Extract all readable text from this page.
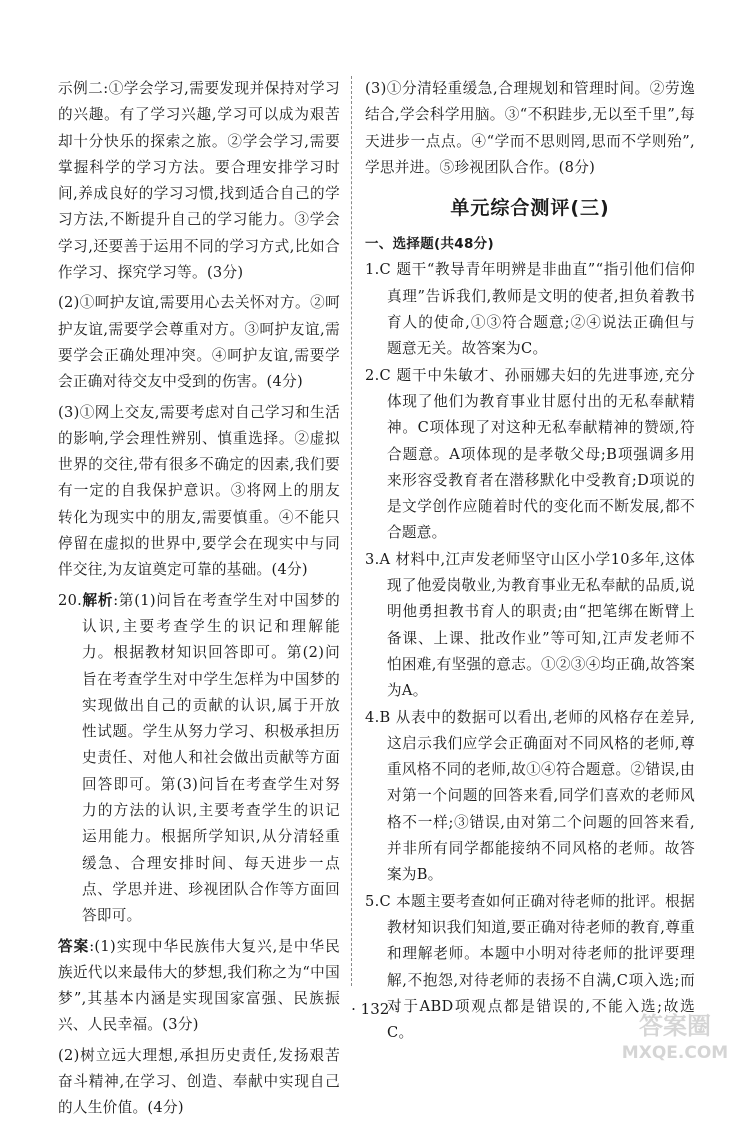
示例二:①学会学习,需要发现并保持对学习的兴趣。有了学习兴趣,学习可以成为艰苦却十分快乐的探索之旅。②学会学习,需要掌握科学的学习方法。要合理安排学习时间,养成良好的学习习惯,找到适合自己的学习方法,不断提升自己的学习能力。③学会学习,还要善于运用不同的学习方式,比如合作学习、探究学习等。(3分)

(2)①呵护友谊,需要用心去关怀对方。②呵护友谊,需要学会尊重对方。③呵护友谊,需要学会正确处理冲突。④呵护友谊,需要学会正确对待交友中受到的伤害。(4分)

(3)①网上交友,需要考虑对自己学习和生活的影响,学会理性辨别、慎重选择。②虚拟世界的交往,带有很多不确定的因素,我们要有一定的自我保护意识。③将网上的朋友转化为现实中的朋友,需要慎重。④不能只停留在虚拟的世界中,要学会在现实中与同伴交往,为友谊奠定可靠的基础。(4分)

20.解析:第(1)问旨在考查学生对中国梦的认识,主要考查学生的识记和理解能力。根据教材知识回答即可。第(2)问旨在考查学生对中学生怎样为中国梦的实现做出自己的贡献的认识,属于开放性试题。学生从努力学习、积极承担历史责任、对他人和社会做出贡献等方面回答即可。第(3)问旨在考查学生对努力的方法的认识,主要考查学生的识记运用能力。根据所学知识,从分清轻重缓急、合理安排时间、每天进步一点点、学思并进、珍视团队合作等方面回答即可。

答案:(1)实现中华民族伟大复兴,是中华民族近代以来最伟大的梦想,我们称之为“中国梦”,其基本内涵是实现国家富强、民族振兴、人民幸福。(3分)

(2)树立远大理想,承担历史责任,发扬艰苦奋斗精神,在学习、创造、奉献中实现自己的人生价值。(4分)

(3)①分清轻重缓急,合理规划和管理时间。②劳逸结合,学会科学用脑。③“不积跬步,无以至千里”,每天进步一点点。④“学而不思则罔,思而不学则殆”,学思并进。⑤珍视团队合作。(8分)

单元综合测评(三)

一、选择题(共48分)

1.C 题干“教导青年明辨是非曲直”“指引他们信仰真理”告诉我们,教师是文明的使者,担负着教书育人的使命,①③符合题意;②④说法正确但与题意无关。故答案为C。

2.C 题干中朱敏才、孙丽娜夫妇的先进事迹,充分体现了他们为教育事业甘愿付出的无私奉献精神。C项体现了对这种无私奉献精神的赞颂,符合题意。A项体现的是孝敬父母;B项强调多用来形容受教育者在潜移默化中受教育;D项说的是文学创作应随着时代的变化而不断发展,都不合题意。

3.A 材料中,江声发老师坚守山区小学10多年,这体现了他爱岗敬业,为教育事业无私奉献的品质,说明他勇担教书育人的职责;由“把笔绑在断臂上备课、上课、批改作业”等可知,江声发老师不怕困难,有坚强的意志。①②③④均正确,故答案为A。

4.B 从表中的数据可以看出,老师的风格存在差异,这启示我们应学会正确面对不同风格的老师,尊重风格不同的老师,故①④符合题意。②错误,由对第一个问题的回答来看,同学们喜欢的老师风格不一样;③错误,由对第二个问题的回答来看,并非所有同学都能接纳不同风格的老师。故答案为B。

5.C 本题主要考查如何正确对待老师的批评。根据教材知识我们知道,要正确对待老师的教育,尊重和理解老师。本题中小明对待老师的批评要理解,不抱怨,对待老师的表扬不自满,C项入选;而对于ABD项观点都是错误的,不能入选;故选C。

· 132 ·
答案圈
MXQE.COM
